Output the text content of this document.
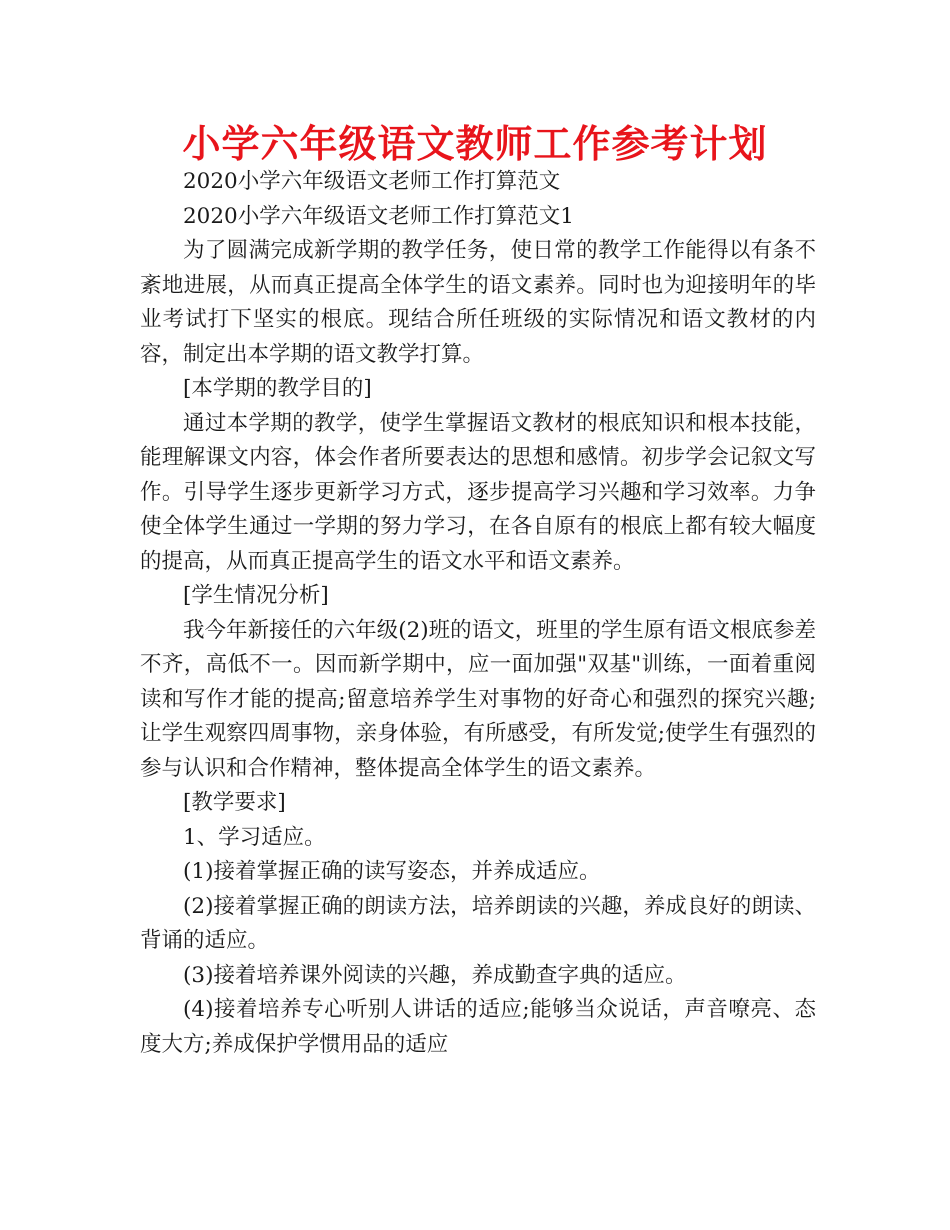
小学六年级语文教师工作参考计划

2020小学六年级语文老师工作打算范文

2020小学六年级语文老师工作打算范文1

为了圆满完成新学期的教学任务，使日常的教学工作能得以有条不紊地进展，从而真正提高全体学生的语文素养。同时也为迎接明年的毕业考试打下坚实的根底。现结合所任班级的实际情况和语文教材的内容，制定出本学期的语文教学打算。

[本学期的教学目的]

通过本学期的教学，使学生掌握语文教材的根底知识和根本技能，能理解课文内容，体会作者所要表达的思想和感情。初步学会记叙文写作。引导学生逐步更新学习方式，逐步提高学习兴趣和学习效率。力争使全体学生通过一学期的努力学习，在各自原有的根底上都有较大幅度的提高，从而真正提高学生的语文水平和语文素养。

[学生情况分析]

我今年新接任的六年级(2)班的语文，班里的学生原有语文根底参差不齐，高低不一。因而新学期中，应一面加强"双基"训练，一面着重阅读和写作才能的提高;留意培养学生对事物的好奇心和强烈的探究兴趣;让学生观察四周事物，亲身体验，有所感受，有所发觉;使学生有强烈的参与认识和合作精神，整体提高全体学生的语文素养。

[教学要求]

1、学习适应。

(1)接着掌握正确的读写姿态，并养成适应。

(2)接着掌握正确的朗读方法，培养朗读的兴趣，养成良好的朗读、背诵的适应。

(3)接着培养课外阅读的兴趣，养成勤查字典的适应。

(4)接着培养专心听别人讲话的适应;能够当众说话，声音嘹亮、态度大方;养成保护学惯用品的适应
